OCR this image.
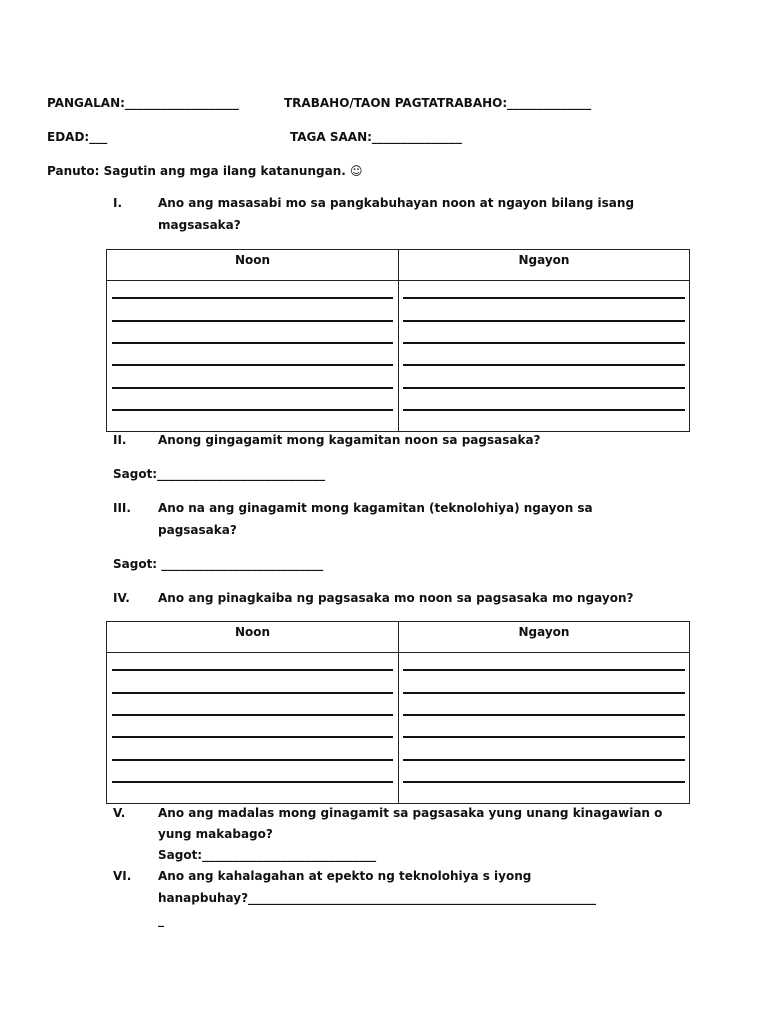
PANGALAN:___________________	TRABAHO/TAON PAGTATRABAHO:______________
EDAD:___	TAGA SAAN:_______________
Panuto: Sagutin ang mga ilang katanungan. ☺
I.	Ano ang masasabi mo sa pangkabuhayan noon at ngayon bilang isang
magsasaka?
Noon	Ngayon
II.	Anong gingagamit mong kagamitan noon sa pagsasaka?
Sagot:____________________________
III. Ano na ang ginagamit mong kagamitan (teknolohiya) ngayon sa
pagsasaka?
Sagot: ___________________________
IV. Ano ang pinagkaiba ng pagsasaka mo noon sa pagsasaka mo ngayon?
Noon	Ngayon
V.	Ano ang madalas mong ginagamit sa pagsasaka yung unang kinagawian o
yung makabago?
Sagot:_____________________________
VI. Ano ang kahalagahan at epekto ng teknolohiya s iyong
hanapbuhay?__________________________________________________________
_
